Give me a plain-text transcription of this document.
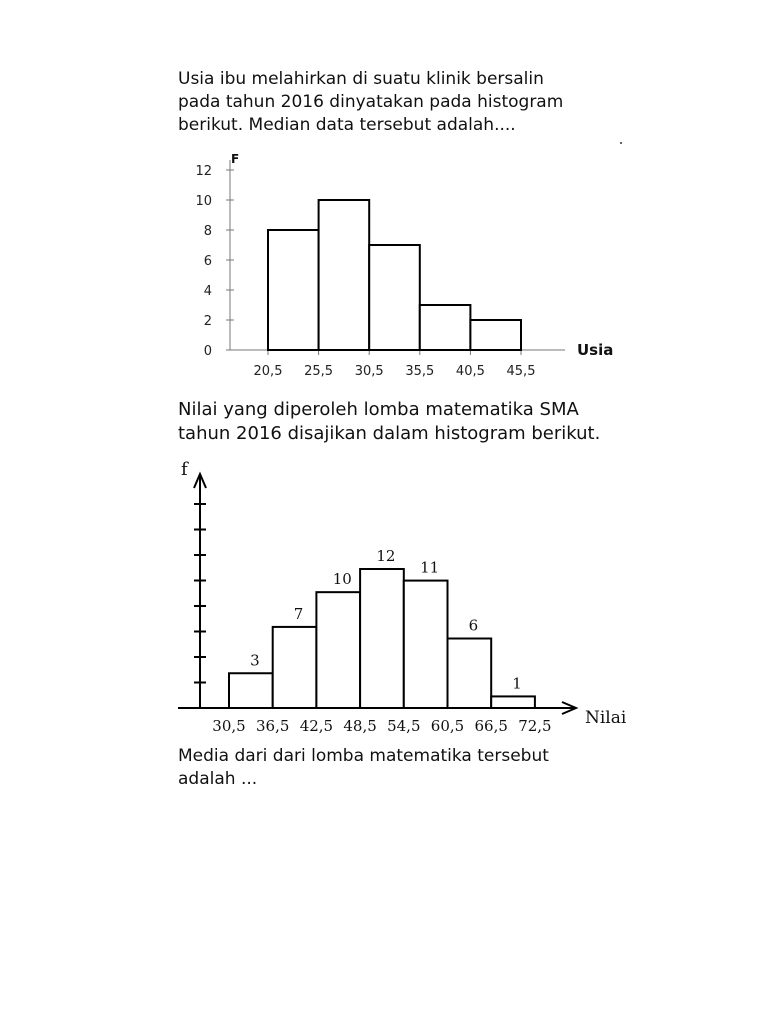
Usia ibu melahirkan di suatu klinik bersalin
pada tahun 2016 dinyatakan pada histogram
berikut. Median data tersebut adalah....

0
2
4
6
8
10
12
20,5 25,5 30,5 35,5 40,5 45,5
F
Usia

Nilai yang diperoleh lomba matematika SMA
tahun 2016 disajikan dalam histogram berikut.

3
7
10
12
11
6
1
30,5 36,5 42,5 48,5 54,5 60,5 66,5 72,5
f
Nilai

Media dari dari lomba matematika tersebut
adalah ...
